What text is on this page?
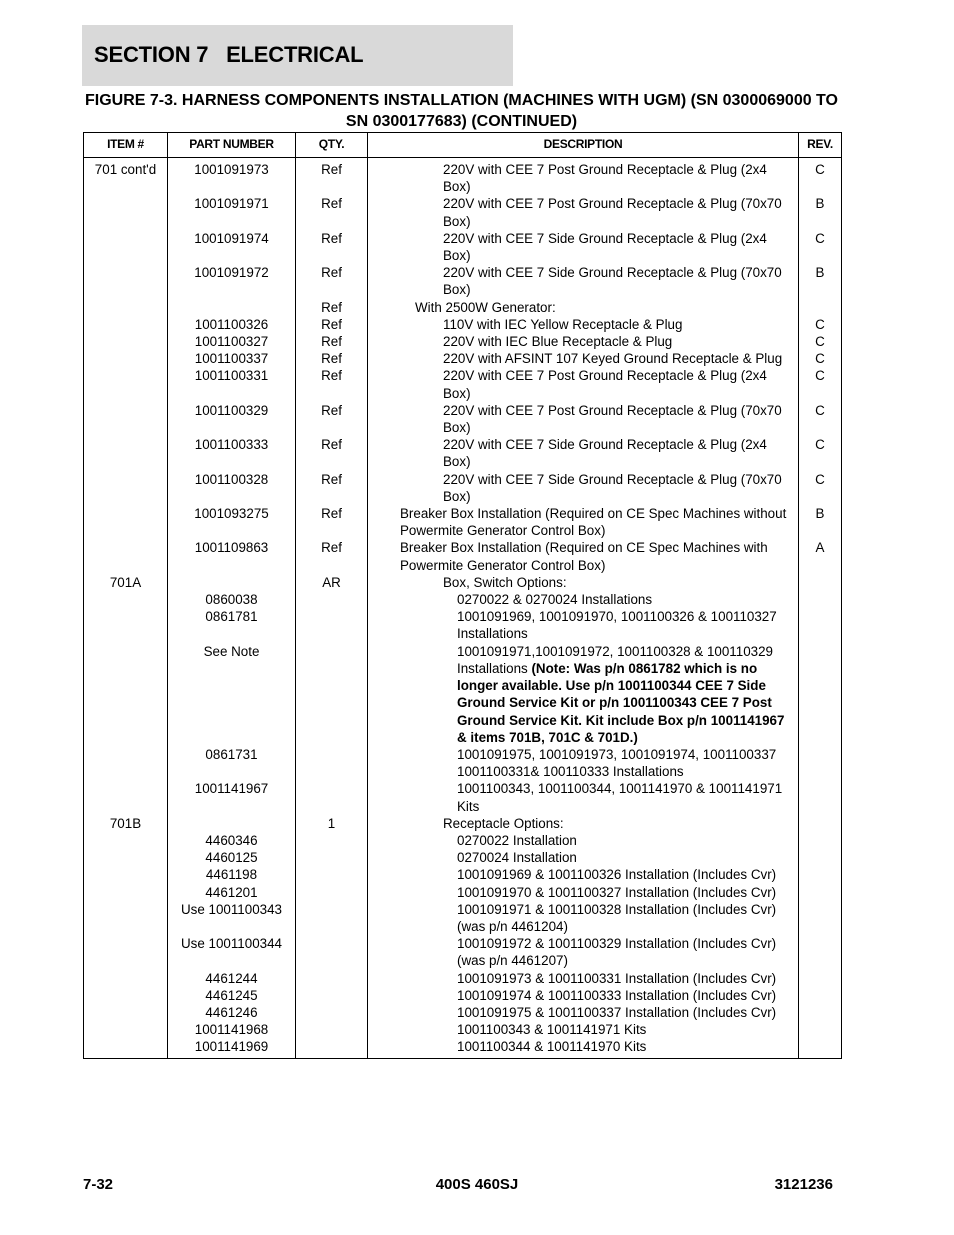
SECTION 7   ELECTRICAL
FIGURE 7-3. HARNESS COMPONENTS INSTALLATION (MACHINES WITH UGM) (SN 0300069000 TO SN 0300177683) (CONTINUED)
ITEM #	PART NUMBER	QTY.	DESCRIPTION	REV.
701 cont'd	1001091973	Ref	220V with CEE 7 Post Ground Receptacle & Plug (2x4 Box)	C
	1001091971	Ref	220V with CEE 7 Post Ground Receptacle & Plug (70x70 Box)	B
	1001091974	Ref	220V with CEE 7 Side Ground Receptacle & Plug (2x4 Box)	C
	1001091972	Ref	220V with CEE 7 Side Ground Receptacle & Plug (70x70 Box)	B
		Ref	With 2500W Generator:	
	1001100326	Ref	110V with IEC Yellow Receptacle & Plug	C
	1001100327	Ref	220V with IEC Blue Receptacle & Plug	C
	1001100337	Ref	220V with AFSINT 107 Keyed Ground Receptacle & Plug	C
	1001100331	Ref	220V with CEE 7 Post Ground Receptacle & Plug (2x4 Box)	C
	1001100329	Ref	220V with CEE 7 Post Ground Receptacle & Plug (70x70 Box)	C
	1001100333	Ref	220V with CEE 7 Side Ground Receptacle & Plug (2x4 Box)	C
	1001100328	Ref	220V with CEE 7 Side Ground Receptacle & Plug (70x70 Box)	C
	1001093275	Ref	Breaker Box Installation (Required on CE Spec Machines without Powermite Generator Control Box)	B
	1001109863	Ref	Breaker Box Installation (Required on CE Spec Machines with Powermite Generator Control Box)	A
701A		AR	Box, Switch Options:	
	0860038		0270022 & 0270024 Installations	
	0861781		1001091969, 1001091970, 1001100326 & 100110327 Installations	
	See Note		1001091971,1001091972, 1001100328 & 100110329 Installations (Note: Was p/n 0861782 which is no longer available. Use p/n 1001100344 CEE 7 Side Ground Service Kit or p/n 1001100343 CEE 7 Post Ground Service Kit. Kit include Box p/n 1001141967 & items 701B, 701C & 701D.)	
	0861731		1001091975, 1001091973, 1001091974, 1001100337 1001100331& 100110333 Installations	
	1001141967		1001100343, 1001100344, 1001141970 & 1001141971 Kits	
701B		1	Receptacle Options:	
	4460346		0270022 Installation	
	4460125		0270024 Installation	
	4461198		1001091969 & 1001100326 Installation (Includes Cvr)	
	4461201		1001091970 & 1001100327 Installation (Includes Cvr)	
	Use 1001100343		1001091971 & 1001100328 Installation (Includes Cvr) (was p/n 4461204)	
	Use 1001100344		1001091972 & 1001100329 Installation (Includes Cvr) (was p/n 4461207)	
	4461244		1001091973 & 1001100331 Installation (Includes Cvr)	
	4461245		1001091974 & 1001100333 Installation (Includes Cvr)	
	4461246		1001091975 & 1001100337 Installation (Includes Cvr)	
	1001141968		1001100343 & 1001141971 Kits	
	1001141969		1001100344 & 1001141970 Kits	
7-32	400S 460SJ	3121236
